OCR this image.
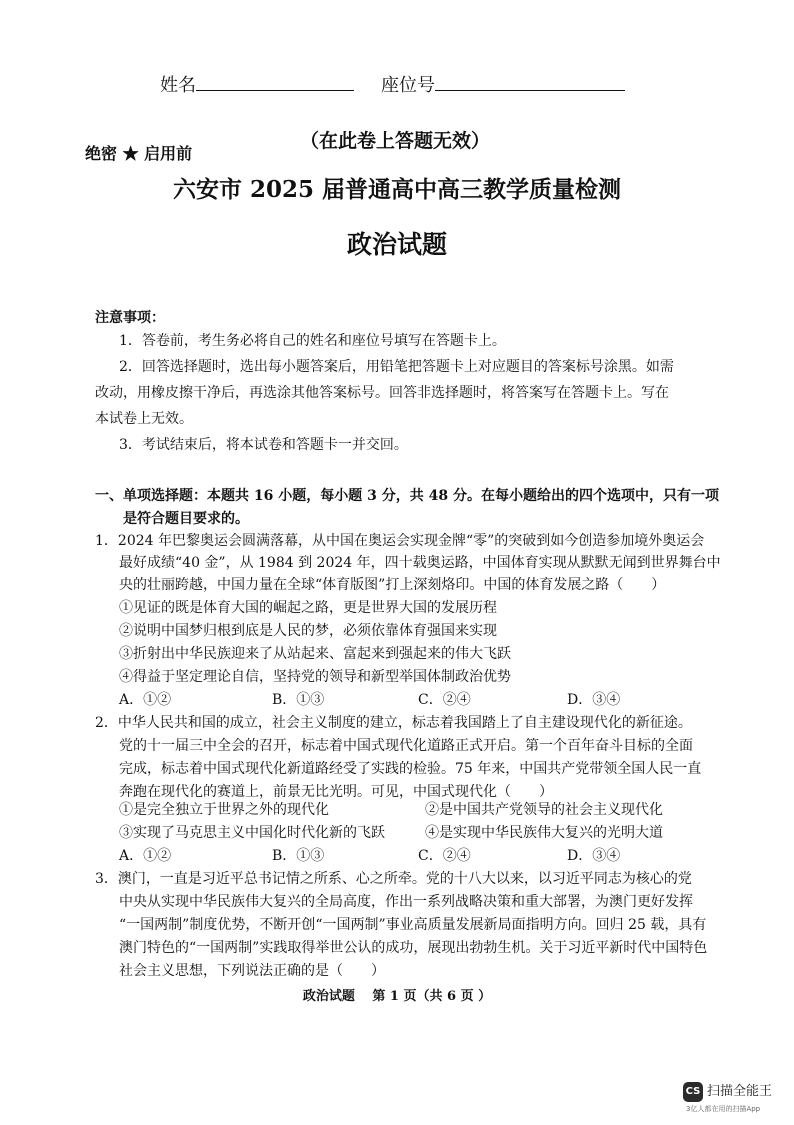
姓名	座位号
（在此卷上答题无效）
绝密 ★ 启用前
六安市 2025 届普通高中高三教学质量检测
政治试题
注意事项：
1．答卷前，考生务必将自己的姓名和座位号填写在答题卡上。
2．回答选择题时，选出每小题答案后，用铅笔把答题卡上对应题目的答案标号涂黑。如需
改动，用橡皮擦干净后，再选涂其他答案标号。回答非选择题时，将答案写在答题卡上。写在
本试卷上无效。
3．考试结束后，将本试卷和答题卡一并交回。
一、单项选择题：本题共 16 小题，每小题 3 分，共 48 分。在每小题给出的四个选项中，只有一项
是符合题目要求的。
1．2024 年巴黎奥运会圆满落幕，从中国在奥运会实现金牌“零”的突破到如今创造参加境外奥运会
最好成绩“40 金”，从 1984 到 2024 年，四十载奥运路，中国体育实现从默默无闻到世界舞台中
央的壮丽跨越，中国力量在全球“体育版图”打上深刻烙印。中国的体育发展之路（　　）
①见证的既是体育大国的崛起之路，更是世界大国的发展历程
②说明中国梦归根到底是人民的梦，必须依靠体育强国来实现
③折射出中华民族迎来了从站起来、富起来到强起来的伟大飞跃
④得益于坚定理论自信，坚持党的领导和新型举国体制政治优势
A．①②	B．①③	C．②④	D．③④
2．中华人民共和国的成立，社会主义制度的建立，标志着我国踏上了自主建设现代化的新征途。
党的十一届三中全会的召开，标志着中国式现代化道路正式开启。第一个百年奋斗目标的全面
完成，标志着中国式现代化新道路经受了实践的检验。75 年来，中国共产党带领全国人民一直
奔跑在现代化的赛道上，前景无比光明。可见，中国式现代化（　　）
①是完全独立于世界之外的现代化	②是中国共产党领导的社会主义现代化
③实现了马克思主义中国化时代化新的飞跃	④是实现中华民族伟大复兴的光明大道
A．①②	B．①③	C．②④	D．③④
3．澳门，一直是习近平总书记情之所系、心之所牵。党的十八大以来，以习近平同志为核心的党
中央从实现中华民族伟大复兴的全局高度，作出一系列战略决策和重大部署，为澳门更好发挥
“一国两制”制度优势，不断开创“一国两制”事业高质量发展新局面指明方向。回归 25 载，具有
澳门特色的“一国两制”实践取得举世公认的成功，展现出勃勃生机。关于习近平新时代中国特色
社会主义思想，下列说法正确的是（　　）
政治试题　 第 1 页（共 6 页 ）
CS 扫描全能王
3亿人都在用的扫描App
